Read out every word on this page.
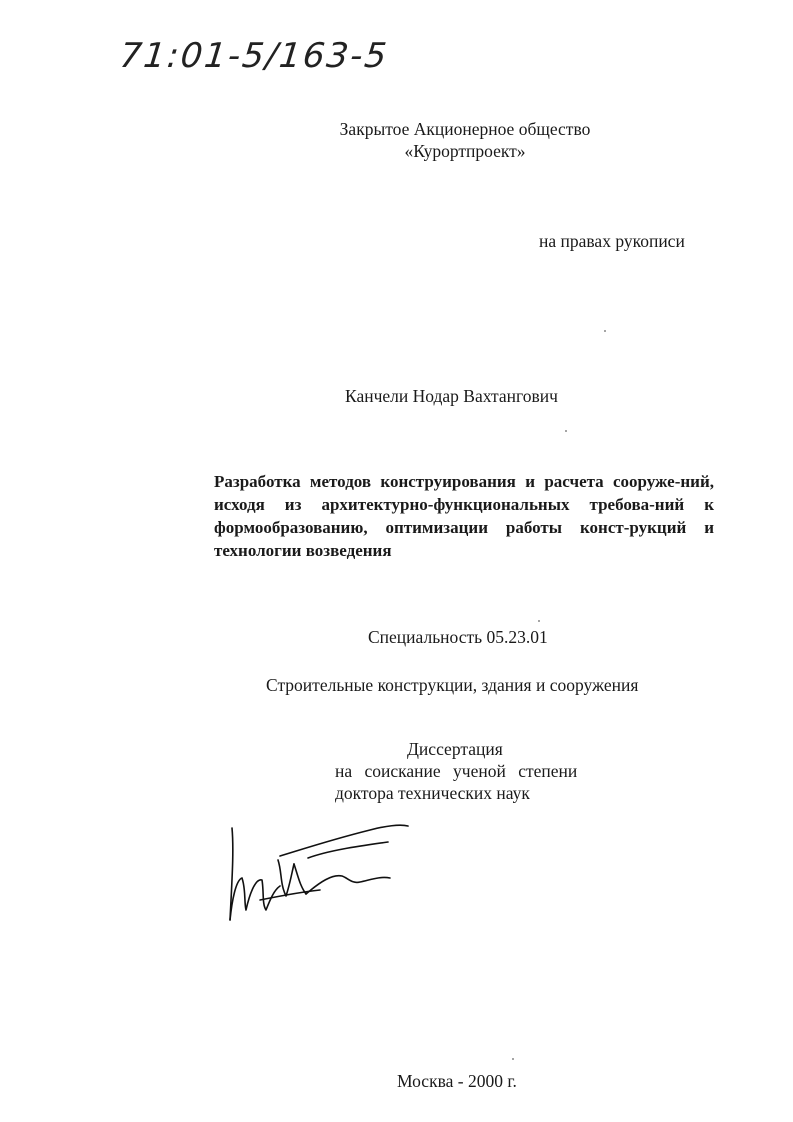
71:01-5/163-5
Закрытое Акционерное общество
«Курортпроект»
на правах рукописи
Канчели Нодар Вахтангович
Разработка методов конструирования и расчета сооруже-ний, исходя из архитектурно-функциональных требова-ний к формообразованию, оптимизации работы конст-рукций и технологии возведения
Специальность 05.23.01
Строительные конструкции, здания и сооружения
Диссертация
на соискание ученой степени
доктора технических наук
Москва - 2000 г.
